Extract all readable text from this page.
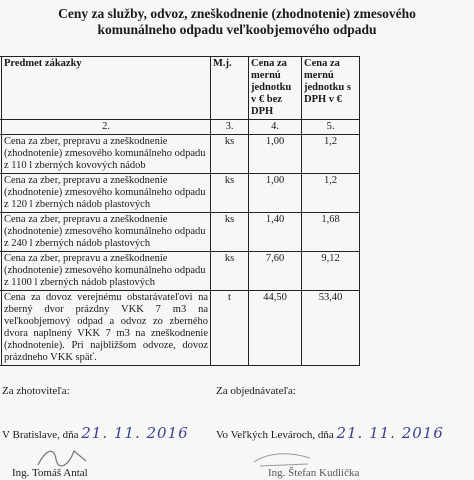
Ceny za služby, odvoz, zneškodnenie (zhodnotenie) zmesového
komunálneho odpadu veľkoobjemového odpadu
	Predmet zákazky	M.j.	Cena za mernú jednotku v € bez DPH	Cena za mernú jednotku s DPH v €
	2.	3.	4.	5.
	Cena za zber, prepravu a zneškodnenie (zhodnotenie) zmesového komunálneho odpadu z 110 l zberných kovových nádob	ks	1,00	1,2
	Cena za zber, prepravu a zneškodnenie (zhodnotenie) zmesového komunálneho odpadu z 120 l zberných nádob plastových	ks	1,00	1,2
	Cena za zber, prepravu a zneškodnenie (zhodnotenie) zmesového komunálneho odpadu z 240 l zberných nádob plastových	ks	1,40	1,68
	Cena za zber, prepravu a zneškodnenie (zhodnotenie) zmesového komunálneho odpadu z 1100 l zberných nádob plastových	ks	7,60	9,12
	Cena za dovoz verejnému obstarávateľovi na zberný dvor prázdny VKK 7 m3 na veľkoobjemový odpad a odvoz zo zberného dvora naplnený VKK 7 m3 na zneškodnenie (zhodnotenie). Pri najbližšom odvoze, dovoz prázdneho VKK späť.	t	44,50	53,40
Za zhotoviteľa:	Za objednávateľa:
V Bratislave, dňa 21. 11. 2016 Vo Veľkých Levároch, dňa 21. 11. 2016
Ing. Tomáš Antal	Ing. Štefan Kudlička
